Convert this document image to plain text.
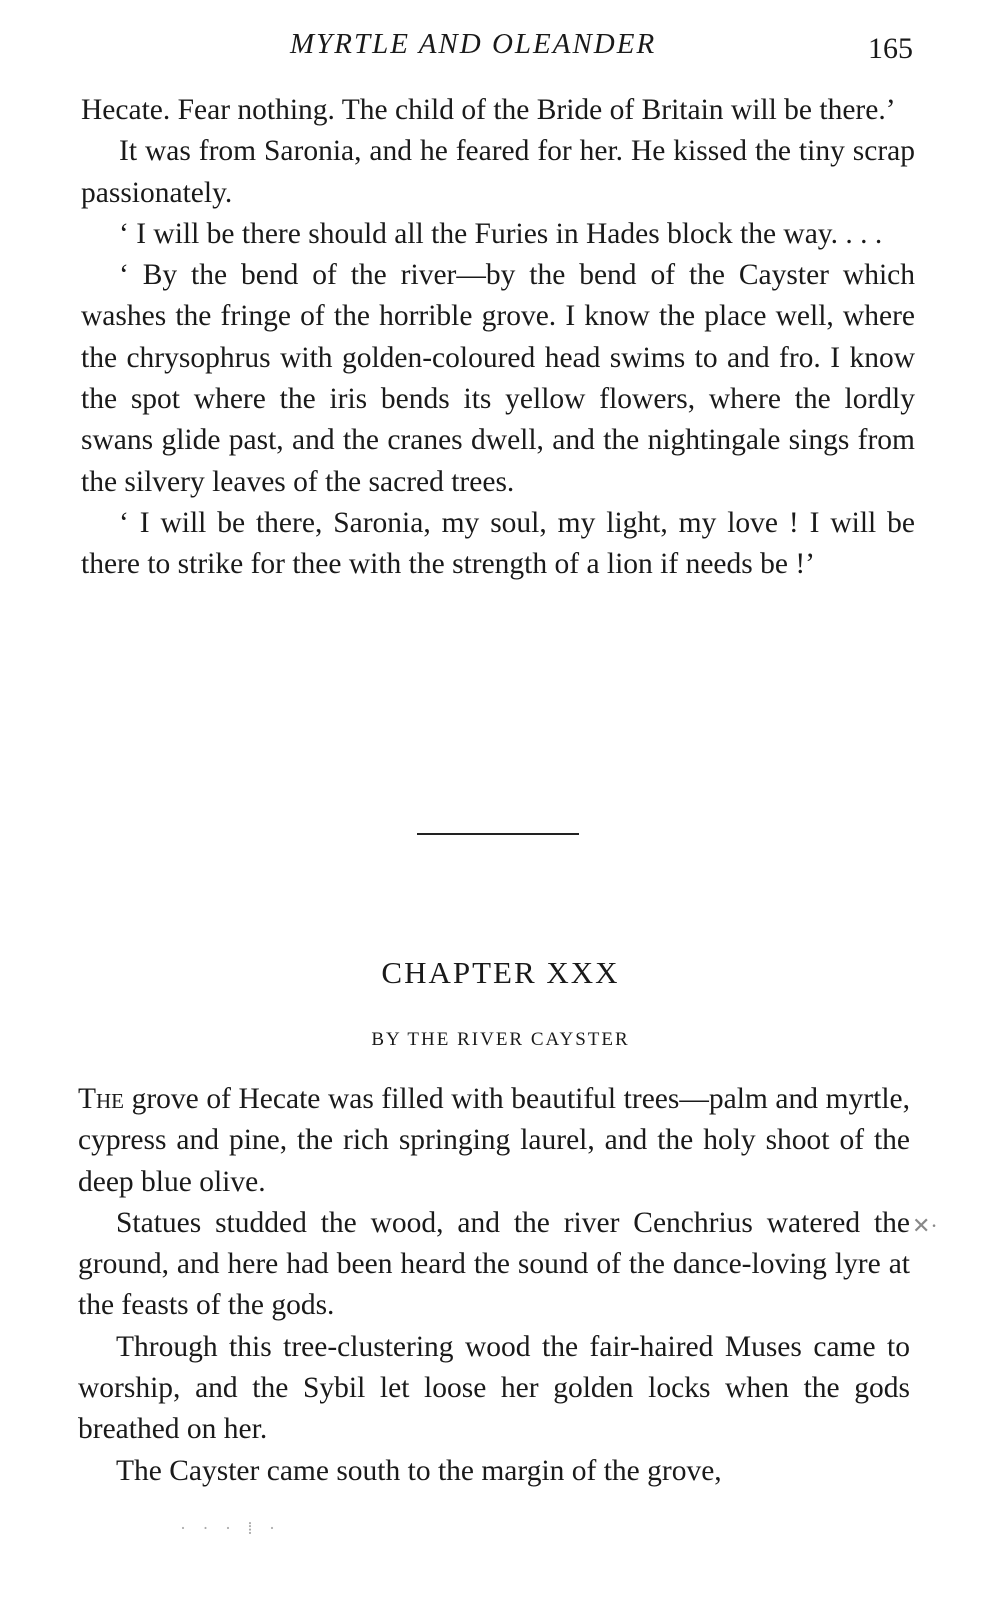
MYRTLE AND OLEANDER	165

Hecate. Fear nothing. The child of the Bride of Britain will be there.’

It was from Saronia, and he feared for her. He kissed the tiny scrap passionately.

‘ I will be there should all the Furies in Hades block the way. . . .

‘ By the bend of the river—by the bend of the Cayster which washes the fringe of the horrible grove. I know the place well, where the chrysophrus with golden-coloured head swims to and fro. I know the spot where the iris bends its yellow flowers, where the lordly swans glide past, and the cranes dwell, and the nightingale sings from the silvery leaves of the sacred trees.

‘ I will be there, Saronia, my soul, my light, my love ! I will be there to strike for thee with the strength of a lion if needs be !’

CHAPTER XXX
BY THE RIVER CAYSTER

The grove of Hecate was filled with beautiful trees—palm and myrtle, cypress and pine, the rich springing laurel, and the holy shoot of the deep blue olive.

Statues studded the wood, and the river Cenchrius watered the ground, and here had been heard the sound of the dance-loving lyre at the feasts of the gods.

Through this tree-clustering wood the fair-haired Muses came to worship, and the Sybil let loose her golden locks when the gods breathed on her.

The Cayster came south to the margin of the grove,

✕·
· · · ⁞ ·
